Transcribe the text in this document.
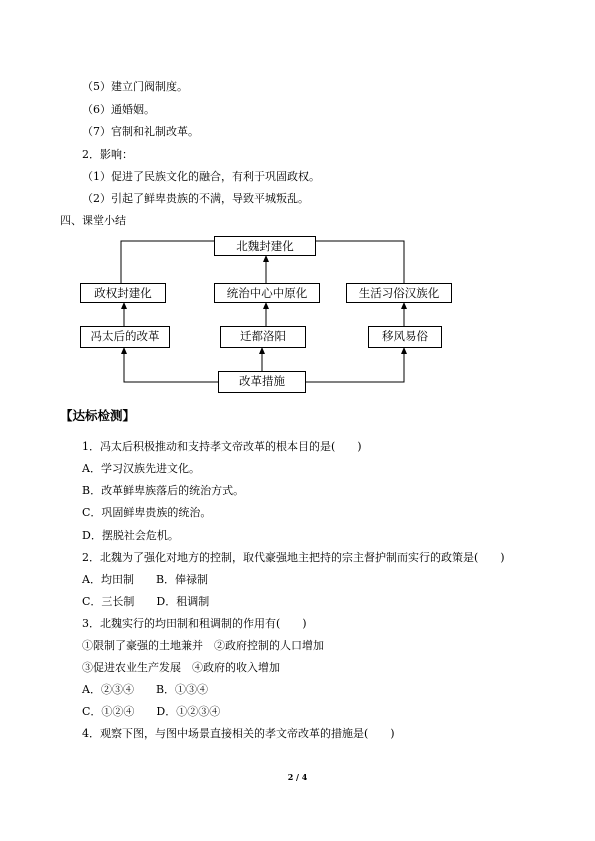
（5）建立门阀制度。
（6）通婚姻。
（7）官制和礼制改革。
2．影响：
（1）促进了民族文化的融合，有利于巩固政权。
（2）引起了鲜卑贵族的不满，导致平城叛乱。
四、课堂小结
北魏封建化
政权封建化	统治中心中原化	生活习俗汉族化
冯太后的改革	迁都洛阳	移风易俗
改革措施
【达标检测】
1．冯太后积极推动和支持孝文帝改革的根本目的是(　　)
A．学习汉族先进文化。
B．改革鲜卑族落后的统治方式。
C．巩固鲜卑贵族的统治。
D．摆脱社会危机。
2．北魏为了强化对地方的控制，取代豪强地主把持的宗主督护制而实行的政策是(　　)
A．均田制　　B．俸禄制
C．三长制　　D．租调制
3．北魏实行的均田制和租调制的作用有(　　)
①限制了豪强的土地兼并　②政府控制的人口增加
③促进农业生产发展　④政府的收入增加
A．②③④　　B．①③④
C．①②④　　D．①②③④
4．观察下图，与图中场景直接相关的孝文帝改革的措施是(　　)
2 / 4
